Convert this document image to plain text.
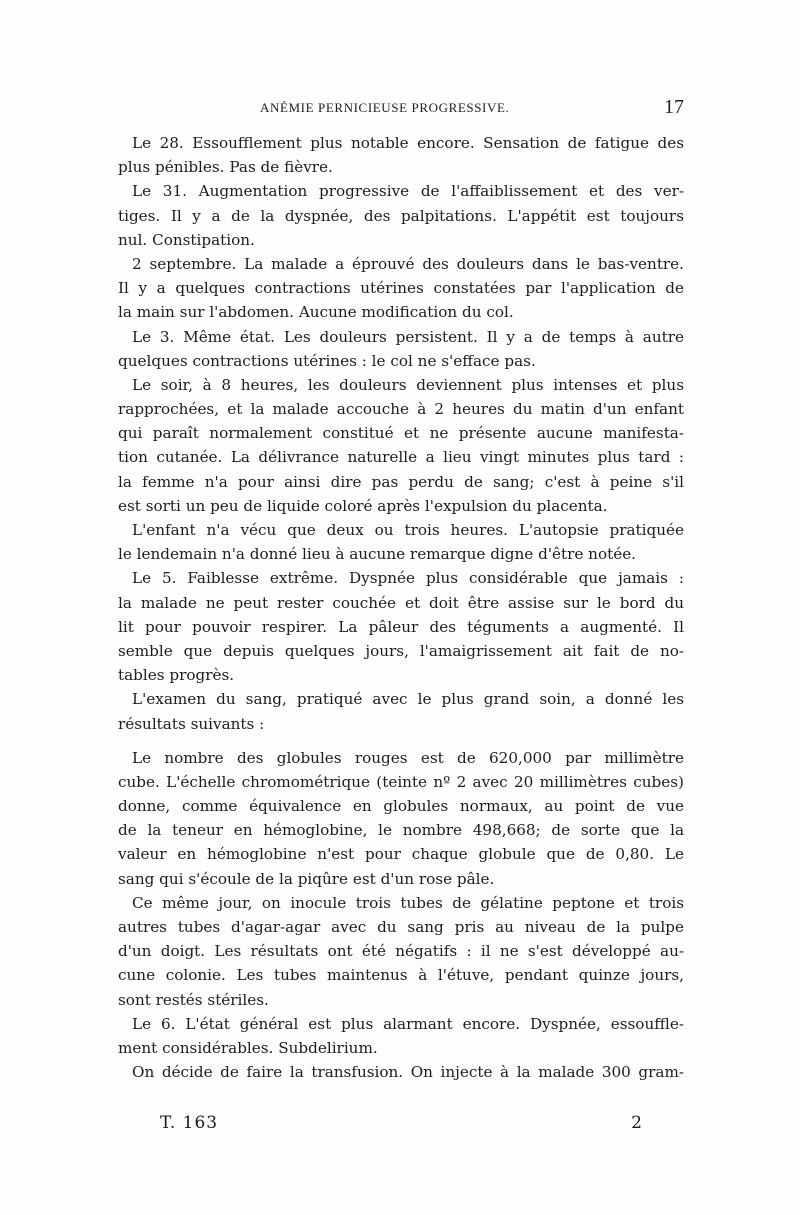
ANÉMIE PERNICIEUSE PROGRESSIVE.	17
Le 28. Essoufflement plus notable encore. Sensation de fatigue des
plus pénibles. Pas de fièvre.
Le 31. Augmentation progressive de l'affaiblissement et des ver-
tiges. Il y a de la dyspnée, des palpitations. L'appétit est toujours
nul. Constipation.
2 septembre. La malade a éprouvé des douleurs dans le bas-ventre.
Il y a quelques contractions utérines constatées par l'application de
la main sur l'abdomen. Aucune modification du col.
Le 3. Même état. Les douleurs persistent. Il y a de temps à autre
quelques contractions utérines : le col ne s'efface pas.
Le soir, à 8 heures, les douleurs deviennent plus intenses et plus
rapprochées, et la malade accouche à 2 heures du matin d'un enfant
qui paraît normalement constitué et ne présente aucune manifesta-
tion cutanée. La délivrance naturelle a lieu vingt minutes plus tard :
la femme n'a pour ainsi dire pas perdu de sang; c'est à peine s'il
est sorti un peu de liquide coloré après l'expulsion du placenta.
L'enfant n'a vécu que deux ou trois heures. L'autopsie pratiquée
le lendemain n'a donné lieu à aucune remarque digne d'être notée.
Le 5. Faiblesse extrême. Dyspnée plus considérable que jamais :
la malade ne peut rester couchée et doit être assise sur le bord du
lit pour pouvoir respirer. La pâleur des téguments a augmenté. Il
semble que depuis quelques jours, l'amaigrissement ait fait de no-
tables progrès.
L'examen du sang, pratiqué avec le plus grand soin, a donné les
résultats suivants :
Le nombre des globules rouges est de 620,000 par millimètre
cube. L'échelle chromométrique (teinte nº 2 avec 20 millimètres cubes)
donne, comme équivalence en globules normaux, au point de vue
de la teneur en hémoglobine, le nombre 498,668; de sorte que la
valeur en hémoglobine n'est pour chaque globule que de 0,80. Le
sang qui s'écoule de la piqûre est d'un rose pâle.
Ce même jour, on inocule trois tubes de gélatine peptone et trois
autres tubes d'agar-agar avec du sang pris au niveau de la pulpe
d'un doigt. Les résultats ont été négatifs : il ne s'est développé au-
cune colonie. Les tubes maintenus à l'étuve, pendant quinze jours,
sont restés stériles.
Le 6. L'état général est plus alarmant encore. Dyspnée, essouffle-
ment considérables. Subdelirium.
On décide de faire la transfusion. On injecte à la malade 300 gram-
T. 163	2
